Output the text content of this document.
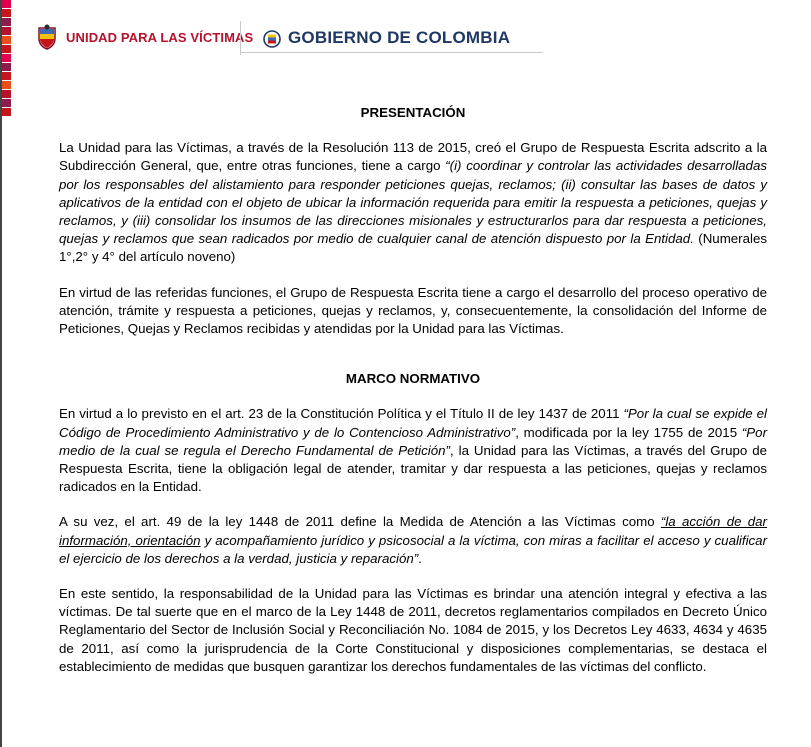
UNIDAD PARA LAS VÍCTIMAS GOBIERNO DE COLOMBIA
PRESENTACIÓN

La Unidad para las Víctimas, a través de la Resolución 113 de 2015, creó el Grupo de Respuesta Escrita adscrito a la Subdirección General, que, entre otras funciones, tiene a cargo “(i) coordinar y controlar las actividades desarrolladas por los responsables del alistamiento para responder peticiones quejas, reclamos; (ii) consultar las bases de datos y aplicativos de la entidad con el objeto de ubicar la información requerida para emitir la respuesta a peticiones, quejas y reclamos, y (iii) consolidar los insumos de las direcciones misionales y estructurarlos para dar respuesta a peticiones, quejas y reclamos que sean radicados por medio de cualquier canal de atención dispuesto por la Entidad. (Numerales 1°,2° y 4° del artículo noveno)

En virtud de las referidas funciones, el Grupo de Respuesta Escrita tiene a cargo el desarrollo del proceso operativo de atención, trámite y respuesta a peticiones, quejas y reclamos, y, consecuentemente, la consolidación del Informe de Peticiones, Quejas y Reclamos recibidas y atendidas por la Unidad para las Víctimas.

MARCO NORMATIVO

En virtud a lo previsto en el art. 23 de la Constitución Política y el Título II de ley 1437 de 2011 “Por la cual se expide el Código de Procedimiento Administrativo y de lo Contencioso Administrativo”, modificada por la ley 1755 de 2015 “Por medio de la cual se regula el Derecho Fundamental de Petición”, la Unidad para las Víctimas, a través del Grupo de Respuesta Escrita, tiene la obligación legal de atender, tramitar y dar respuesta a las peticiones, quejas y reclamos radicados en la Entidad.

A su vez, el art. 49 de la ley 1448 de 2011 define la Medida de Atención a las Víctimas como “la acción de dar información, orientación y acompañamiento jurídico y psicosocial a la víctima, con miras a facilitar el acceso y cualificar el ejercicio de los derechos a la verdad, justicia y reparación”.

En este sentido, la responsabilidad de la Unidad para las Víctimas es brindar una atención integral y efectiva a las víctimas. De tal suerte que en el marco de la Ley 1448 de 2011, decretos reglamentarios compilados en Decreto Único Reglamentario del Sector de Inclusión Social y Reconciliación No. 1084 de 2015, y los Decretos Ley 4633, 4634 y 4635 de 2011, así como la jurisprudencia de la Corte Constitucional y disposiciones complementarias, se destaca el establecimiento de medidas que busquen garantizar los derechos fundamentales de las víctimas del conflicto.
